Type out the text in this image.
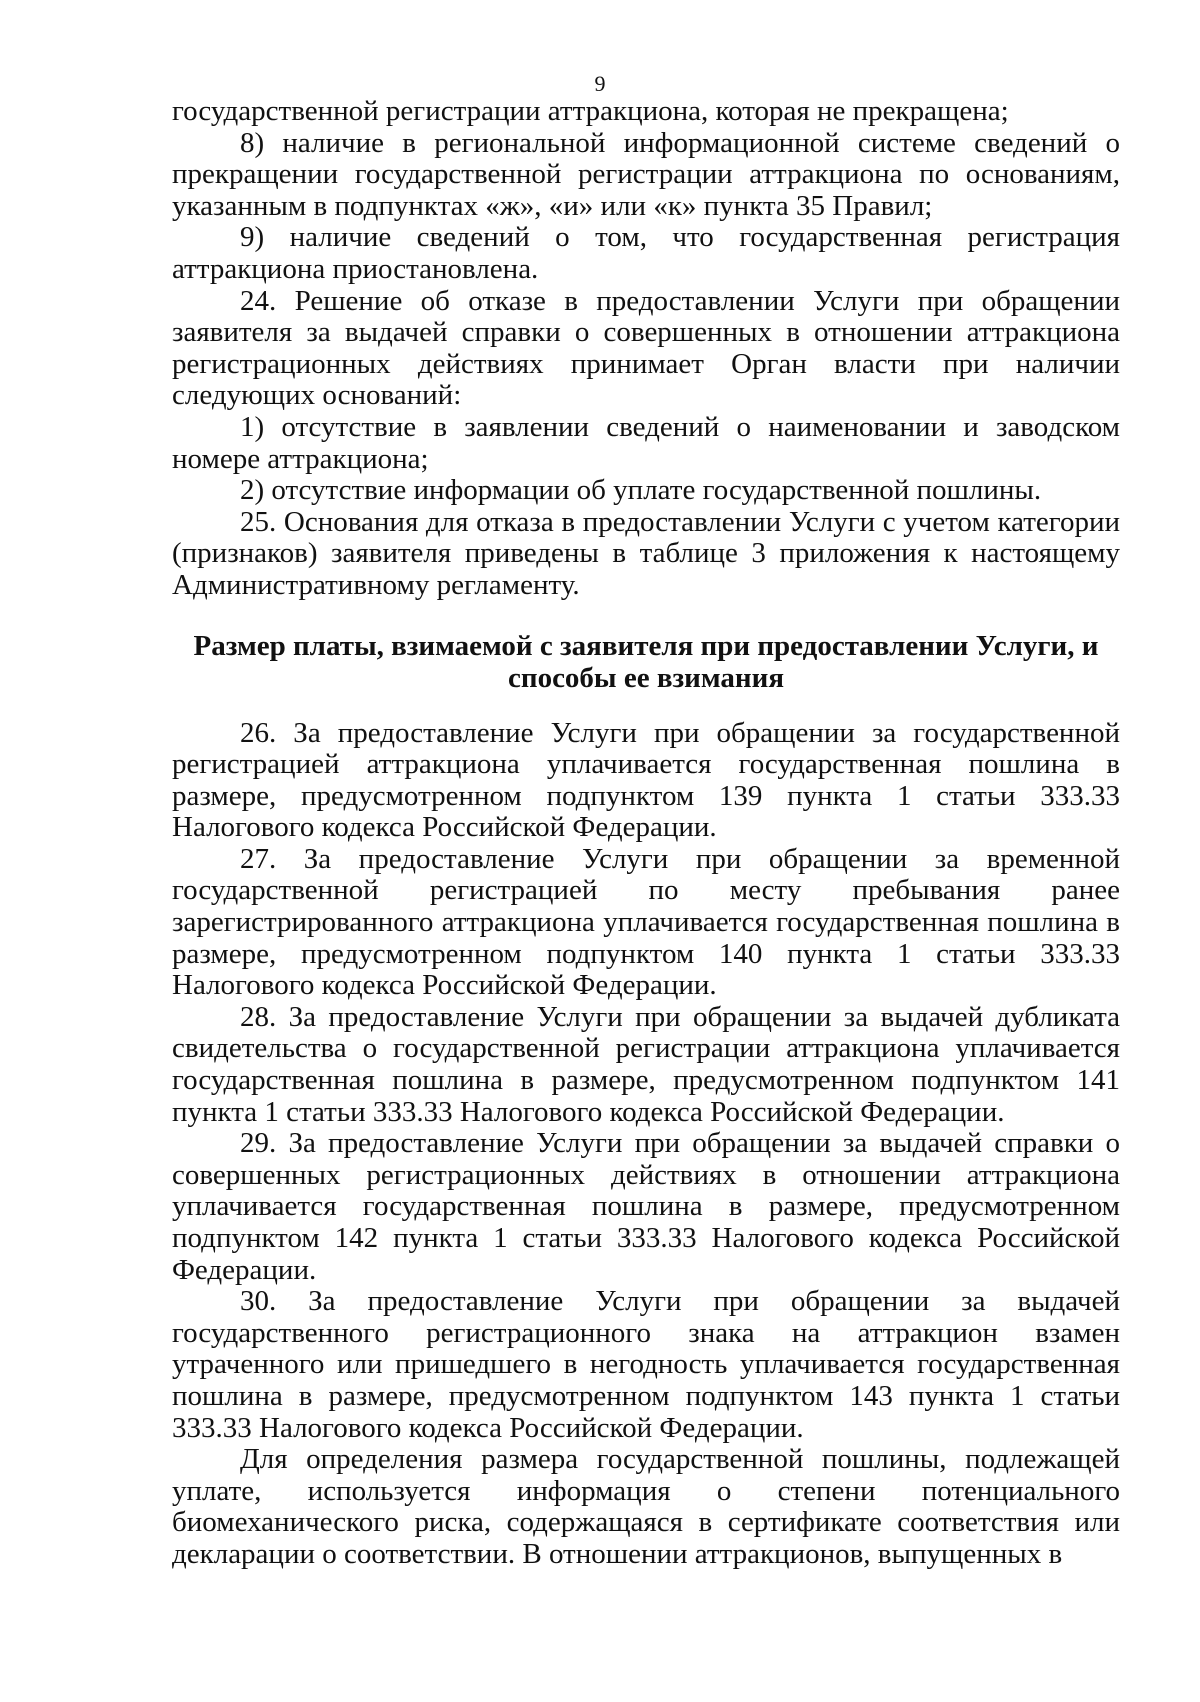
9

государственной регистрации аттракциона, которая не прекращена;

8) наличие в региональной информационной системе сведений о прекращении государственной регистрации аттракциона по основаниям, указанным в подпунктах «ж», «и» или «к» пункта 35 Правил;

9) наличие сведений о том, что государственная регистрация аттракциона приостановлена.

24. Решение об отказе в предоставлении Услуги при обращении заявителя за выдачей справки о совершенных в отношении аттракциона регистрационных действиях принимает Орган власти при наличии следующих оснований:

1) отсутствие в заявлении сведений о наименовании и заводском номере аттракциона;

2) отсутствие информации об уплате государственной пошлины.

25. Основания для отказа в предоставлении Услуги с учетом категории (признаков) заявителя приведены в таблице 3 приложения к настоящему Административному регламенту.

Размер платы, взимаемой с заявителя при предоставлении Услуги, и способы ее взимания

26. За предоставление Услуги при обращении за государственной регистрацией аттракциона уплачивается государственная пошлина в размере, предусмотренном подпунктом 139 пункта 1 статьи 333.33 Налогового кодекса Российской Федерации.

27. За предоставление Услуги при обращении за временной государственной регистрацией по месту пребывания ранее зарегистрированного аттракциона уплачивается государственная пошлина в размере, предусмотренном подпунктом 140 пункта 1 статьи 333.33 Налогового кодекса Российской Федерации.

28. За предоставление Услуги при обращении за выдачей дубликата свидетельства о государственной регистрации аттракциона уплачивается государственная пошлина в размере, предусмотренном подпунктом 141 пункта 1 статьи 333.33 Налогового кодекса Российской Федерации.

29. За предоставление Услуги при обращении за выдачей справки о совершенных регистрационных действиях в отношении аттракциона уплачивается государственная пошлина в размере, предусмотренном подпунктом 142 пункта 1 статьи 333.33 Налогового кодекса Российской Федерации.

30. За предоставление Услуги при обращении за выдачей государственного регистрационного знака на аттракцион взамен утраченного или пришедшего в негодность уплачивается государственная пошлина в размере, предусмотренном подпунктом 143 пункта 1 статьи 333.33 Налогового кодекса Российской Федерации.

Для определения размера государственной пошлины, подлежащей уплате, используется информация о степени потенциального биомеханического риска, содержащаяся в сертификате соответствия или декларации о соответствии. В отношении аттракционов, выпущенных в
